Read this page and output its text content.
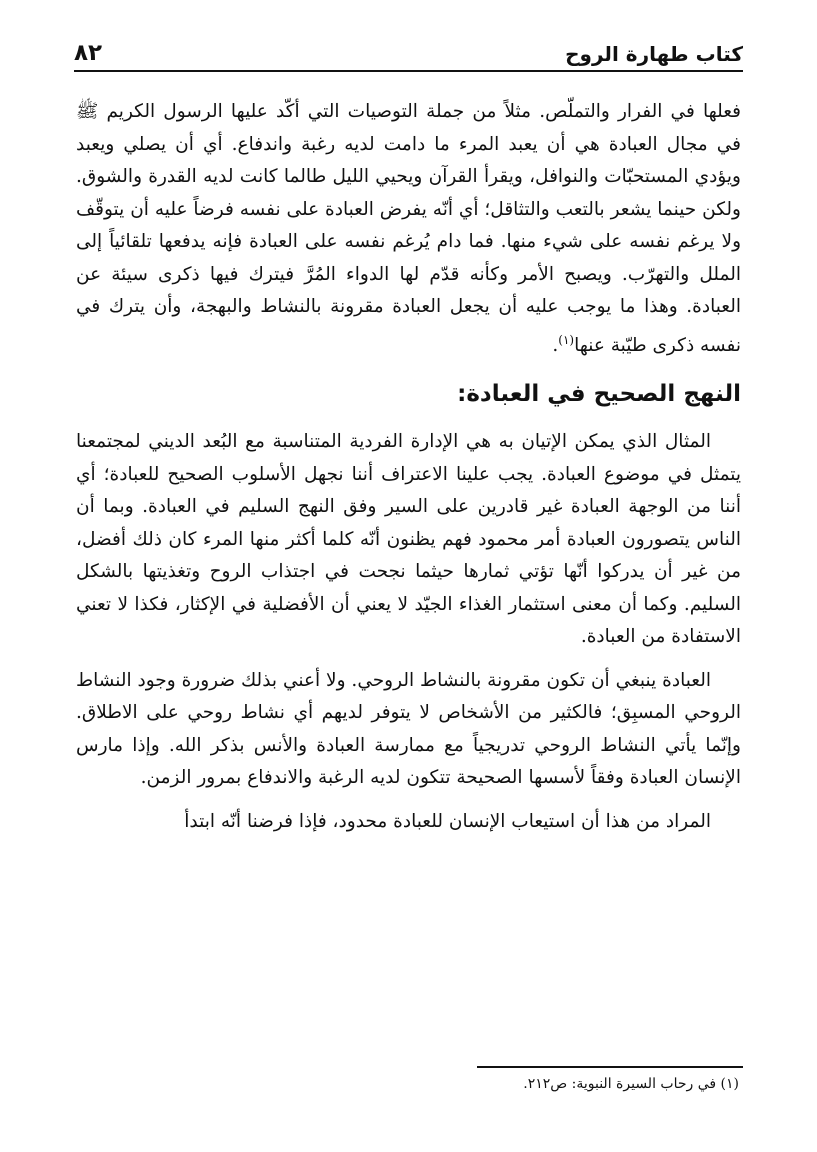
كتاب طهارة الروح
٨٢

فعلها في الفرار والتملّص. مثلاً من جملة التوصيات التي أكّد عليها الرسول الكريم ﷺ في مجال العبادة هي أن يعبد المرء ما دامت لديه رغبة واندفاع. أي أن يصلي ويعبد ويؤدي المستحبّات والنوافل، ويقرأ القرآن ويحيي الليل طالما كانت لديه القدرة والشوق. ولكن حينما يشعر بالتعب والتثاقل؛ أي أنّه يفرض العبادة على نفسه فرضاً عليه أن يتوقّف ولا يرغم نفسه على شيء منها. فما دام يُرغم نفسه على العبادة فإنه يدفعها تلقائياً إلى الملل والتهرّب. ويصبح الأمر وكأنه قدّم لها الدواء المُرَّ فيترك فيها ذكرى سيئة عن العبادة. وهذا ما يوجب عليه أن يجعل العبادة مقرونة بالنشاط والبهجة، وأن يترك في نفسه ذكرى طيّبة عنها$^{(١)}$.

النهج الصحيح في العبادة:

المثال الذي يمكن الإتيان به هي الإدارة الفردية المتناسبة مع البُعد الديني لمجتمعنا يتمثل في موضوع العبادة. يجب علينا الاعتراف أننا نجهل الأسلوب الصحيح للعبادة؛ أي أننا من الوجهة العبادة غير قادرين على السير وفق النهج السليم في العبادة. وبما أن الناس يتصورون العبادة أمر محمود فهم يظنون أنّه كلما أكثر منها المرء كان ذلك أفضل، من غير أن يدركوا أنّها تؤتي ثمارها حيثما نجحت في اجتذاب الروح وتغذيتها بالشكل السليم. وكما أن معنى استثمار الغذاء الجيّد لا يعني أن الأفضلية في الإكثار، فكذا لا تعني الاستفادة من العبادة.

العبادة ينبغي أن تكون مقرونة بالنشاط الروحي. ولا أعني بذلك ضرورة وجود النشاط الروحي المسبِق؛ فالكثير من الأشخاص لا يتوفر لديهم أي نشاط روحي على الاطلاق. وإنّما يأتي النشاط الروحي تدريجياً مع ممارسة العبادة والأنس بذكر الله. وإذا مارس الإنسان العبادة وفقاً لأسسها الصحيحة تتكون لديه الرغبة والاندفاع بمرور الزمن.

المراد من هذا أن استيعاب الإنسان للعبادة محدود، فإذا فرضنا أنّه ابتدأ

(١) في رحاب السيرة النبوية: ص٢١٢.
